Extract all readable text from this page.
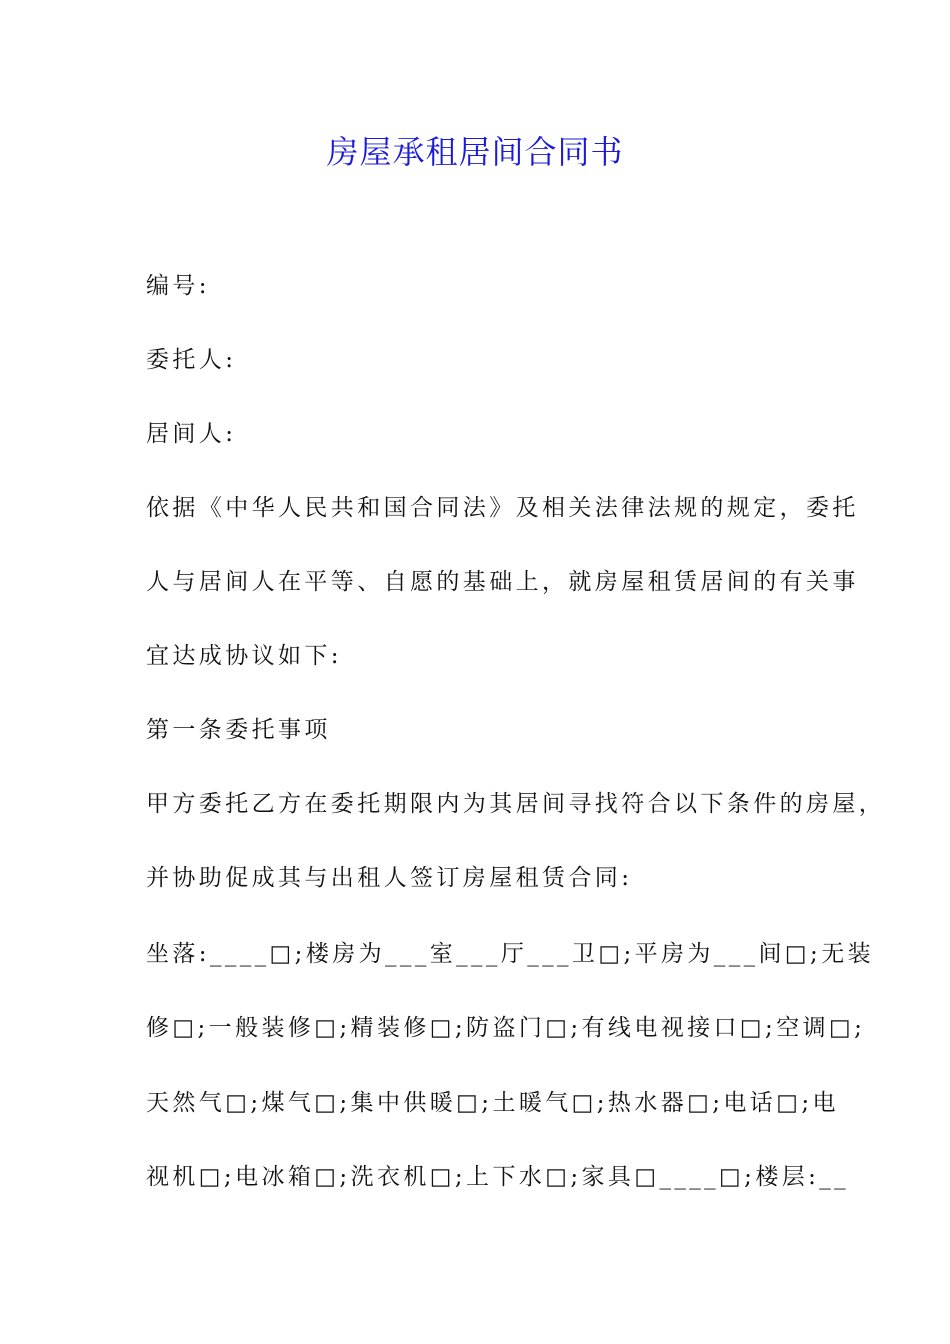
房屋承租居间合同书
编号:
委托人:
居间人:
依据《中华人民共和国合同法》及相关法律法规的规定，委托
人与居间人在平等、自愿的基础上，就房屋租赁居间的有关事
宜达成协议如下:
第一条委托事项
甲方委托乙方在委托期限内为其居间寻找符合以下条件的房屋，
并协助促成其与出租人签订房屋租赁合同:
坐落:____□;楼房为___室___厅___卫□;平房为___间□;无装
修□;一般装修□;精装修□;防盗门□;有线电视接口□;空调□;
天然气□;煤气□;集中供暖□;土暖气□;热水器□;电话□;电
视机□;电冰箱□;洗衣机□;上下水□;家具□____□;楼层:__
